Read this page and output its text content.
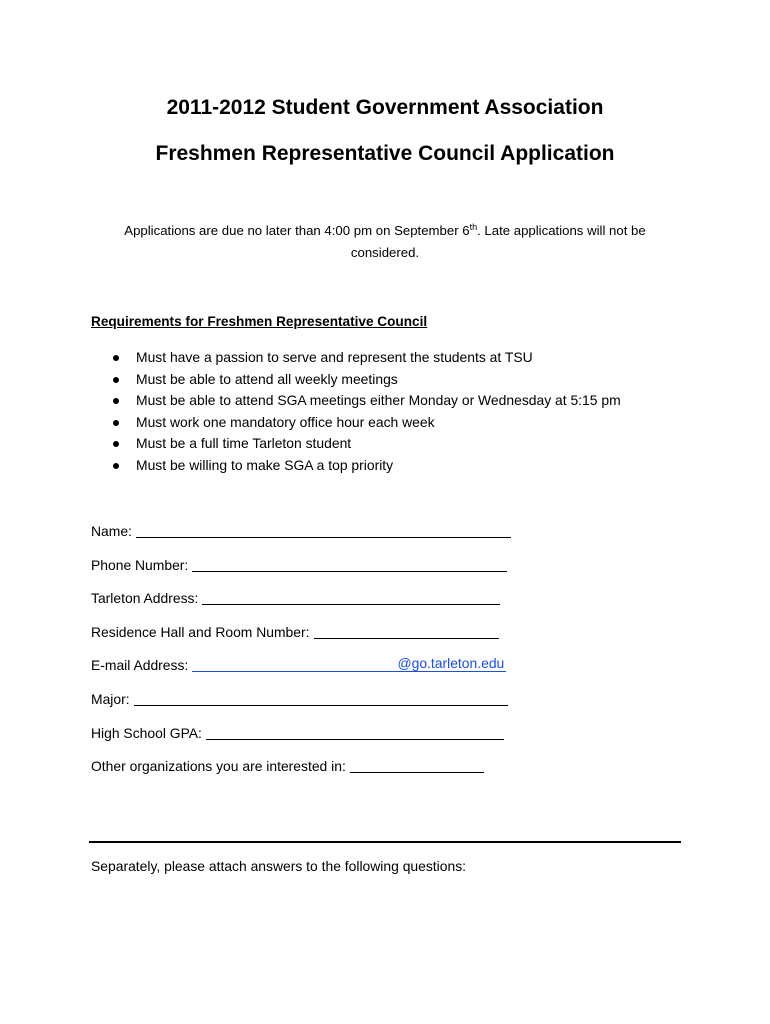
2011-2012 Student Government Association
Freshmen Representative Council Application
Applications are due no later than 4:00 pm on September 6th. Late applications will not be considered.
Requirements for Freshmen Representative Council
Must have a passion to serve and represent the students at TSU
Must be able to attend all weekly meetings
Must be able to attend SGA meetings either Monday or Wednesday at 5:15 pm
Must work one mandatory office hour each week
Must be a full time Tarleton student
Must be willing to make SGA a top priority
Name:
Phone Number:
Tarleton Address:
Residence Hall and Room Number:
E-mail Address:	@go.tarleton.edu
Major:
High School GPA:
Other organizations you are interested in:
Separately, please attach answers to the following questions:
